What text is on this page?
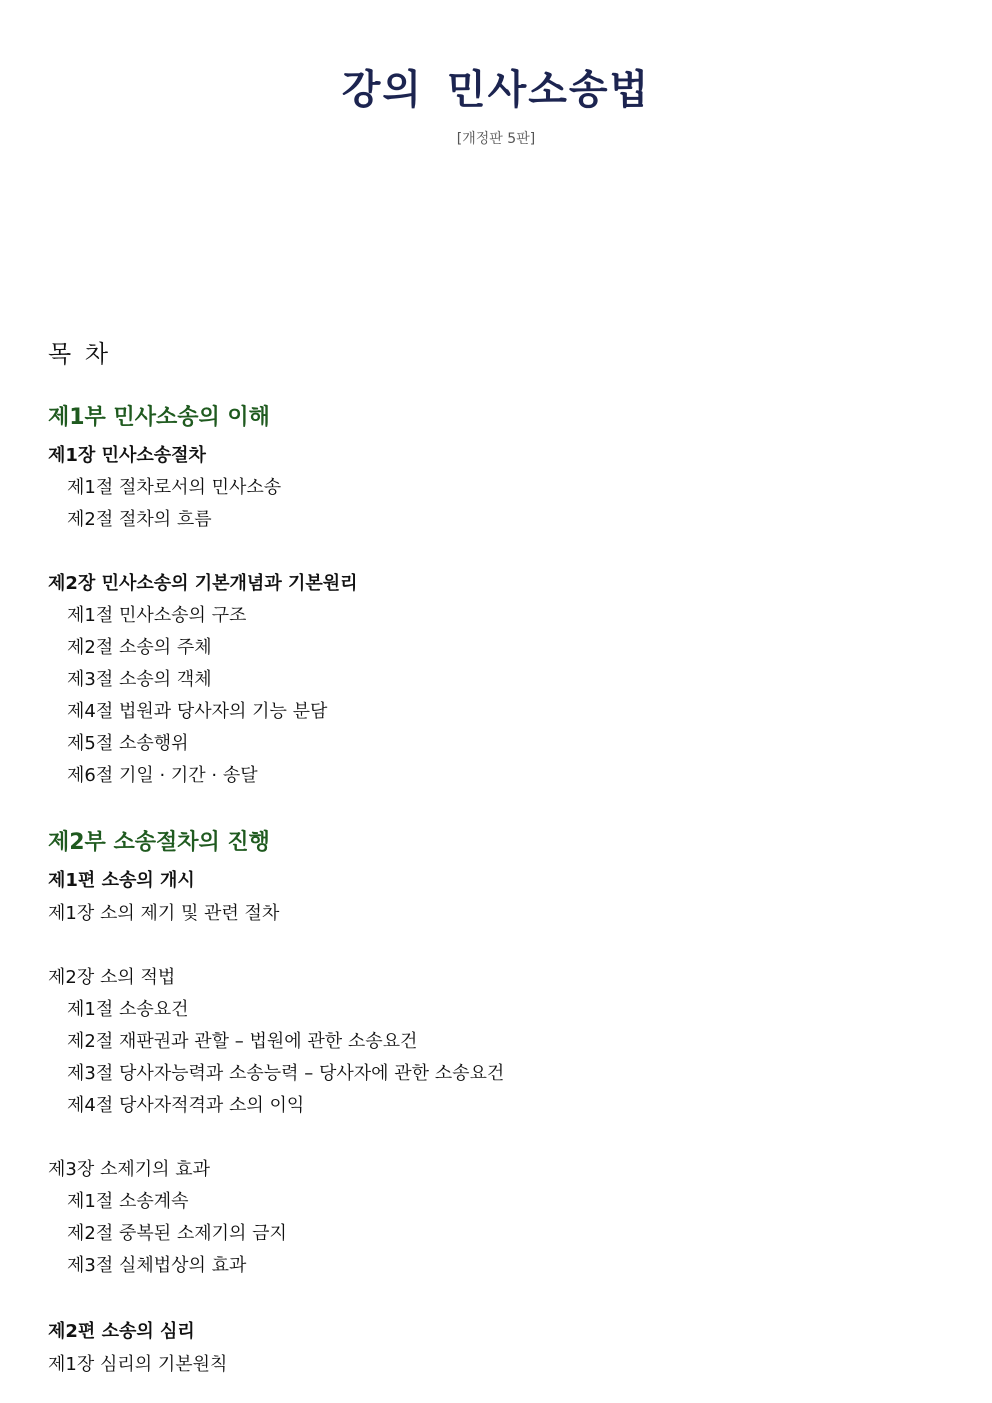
강의 민사소송법
[개정판 5판]
목 차
제1부 민사소송의 이해
제1장 민사소송절차
제1절 절차로서의 민사소송
제2절 절차의 흐름
제2장 민사소송의 기본개념과 기본원리
제1절 민사소송의 구조
제2절 소송의 주체
제3절 소송의 객체
제4절 법원과 당사자의 기능 분담
제5절 소송행위
제6절 기일 · 기간 · 송달
제2부 소송절차의 진행
제1편 소송의 개시
제1장 소의 제기 및 관련 절차
제2장 소의 적법
제1절 소송요건
제2절 재판권과 관할 – 법원에 관한 소송요건
제3절 당사자능력과 소송능력 – 당사자에 관한 소송요건
제4절 당사자적격과 소의 이익
제3장 소제기의 효과
제1절 소송계속
제2절 중복된 소제기의 금지
제3절 실체법상의 효과
제2편 소송의 심리
제1장 심리의 기본원칙
